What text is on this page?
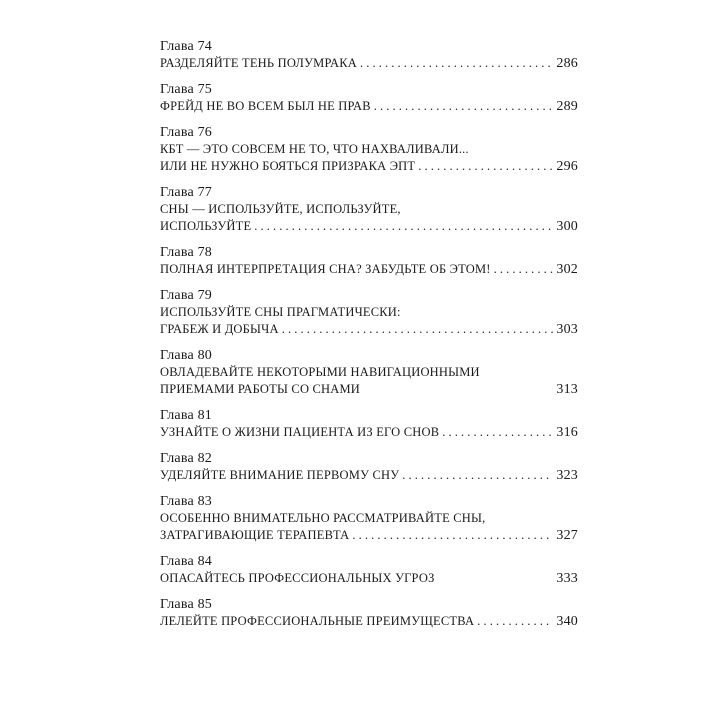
Глава 74
РАЗДЕЛЯЙТЕ ТЕНЬ ПОЛУМРАКА . . .	286
Глава 75
ФРЕЙД НЕ ВО ВСЕМ БЫЛ НЕ ПРАВ . . .	289
Глава 76
КБТ — ЭТО СОВСЕМ НЕ ТО, ЧТО НАХВАЛИВАЛИ...
ИЛИ НЕ НУЖНО БОЯТЬСЯ ПРИЗРАКА ЭПТ . . .	296
Глава 77
СНЫ — ИСПОЛЬЗУЙТЕ, ИСПОЛЬЗУЙТЕ,
ИСПОЛЬЗУЙТЕ . . .	300
Глава 78
ПОЛНАЯ ИНТЕРПРЕТАЦИЯ СНА? ЗАБУДЬТЕ ОБ ЭТОМ! . . .	302
Глава 79
ИСПОЛЬЗУЙТЕ СНЫ ПРАГМАТИЧЕСКИ:
ГРАБЕЖ И ДОБЫЧА . . .	303
Глава 80
ОВЛАДЕВАЙТЕ НЕКОТОРЫМИ НАВИГАЦИОННЫМИ
ПРИЕМАМИ РАБОТЫ СО СНАМИ	313
Глава 81
УЗНАЙТЕ О ЖИЗНИ ПАЦИЕНТА ИЗ ЕГО СНОВ . . .	316
Глава 82
УДЕЛЯЙТЕ ВНИМАНИЕ ПЕРВОМУ СНУ . . .	323
Глава 83
ОСОБЕННО ВНИМАТЕЛЬНО РАССМАТРИВАЙТЕ СНЫ,
ЗАТРАГИВАЮЩИЕ ТЕРАПЕВТА . . .	327
Глава 84
ОПАСАЙТЕСЬ ПРОФЕССИОНАЛЬНЫХ УГРОЗ	333
Глава 85
ЛЕЛЕЙТЕ ПРОФЕССИОНАЛЬНЫЕ ПРЕИМУЩЕСТВА . . .	340
